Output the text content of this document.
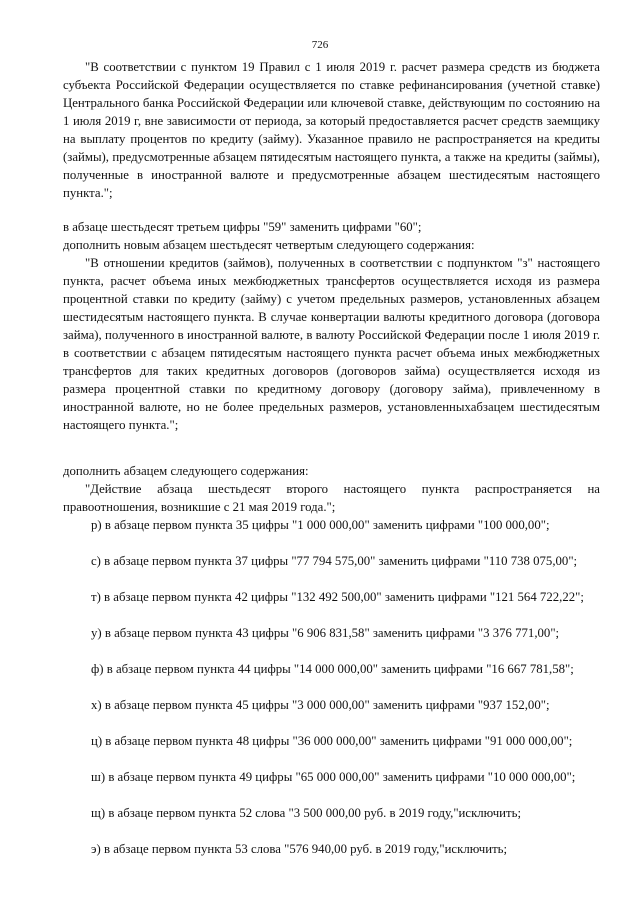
726

"В соответствии с пунктом 19 Правил с 1 июля 2019 г. расчет размера средств из бюджета субъекта Российской Федерации осуществляется по ставке рефинансирования (учетной ставке) Центрального банка Российской Федерации или ключевой ставке, действующим по состоянию на 1 июля 2019 г, вне зависимости от периода, за который предоставляется расчет средств заемщику на выплату процентов по кредиту (займу). Указанное правило не распространяется на кредиты (займы), предусмотренные абзацем пятидесятым настоящего пункта, а также на кредиты (займы), полученные в иностранной валюте и предусмотренные абзацем шестидесятым настоящего пункта.";

в абзаце шестьдесят третьем цифры "59" заменить цифрами "60";

дополнить новым абзацем шестьдесят четвертым следующего содержания:

"В отношении кредитов (займов), полученных в соответствии с подпунктом "з" настоящего пункта, расчет объема иных межбюджетных трансфертов осуществляется исходя из размера процентной ставки по кредиту (займу) с учетом предельных размеров, установленных абзацем шестидесятым настоящего пункта. В случае конвертации валюты кредитного договора (договора займа), полученного в иностранной валюте, в валюту Российской Федерации после 1 июля 2019 г. в соответствии с абзацем пятидесятым настоящего пункта расчет объема иных межбюджетных трансфертов для таких кредитных договоров (договоров займа) осуществляется исходя из размера процентной ставки по кредитному договору (договору займа), привлеченному в иностранной валюте, но не более предельных размеров, установленныхабзацем шестидесятым настоящего пункта.";

дополнить абзацем следующего содержания:

"Действие абзаца шестьдесят второго настоящего пункта распространяется на правоотношения, возникшие с 21 мая 2019 года.";

р) в абзаце первом пункта 35 цифры "1 000 000,00" заменить цифрами "100 000,00";

с) в абзаце первом пункта 37 цифры "77 794 575,00" заменить цифрами "110 738 075,00";

т) в абзаце первом пункта 42 цифры "132 492 500,00" заменить цифрами "121 564 722,22";

у) в абзаце первом пункта 43 цифры "6 906 831,58" заменить цифрами "3 376 771,00";

ф) в абзаце первом пункта 44 цифры "14 000 000,00" заменить цифрами "16 667 781,58";

х) в абзаце первом пункта 45 цифры "3 000 000,00" заменить цифрами "937 152,00";

ц) в абзаце первом пункта 48 цифры "36 000 000,00" заменить цифрами "91 000 000,00";

ш) в абзаце первом пункта 49 цифры "65 000 000,00" заменить цифрами "10 000 000,00";

щ) в абзаце первом пункта 52 слова "3 500 000,00 руб. в 2019 году,"исключить;

э) в абзаце первом пункта 53 слова "576 940,00 руб. в 2019 году,"исключить;
